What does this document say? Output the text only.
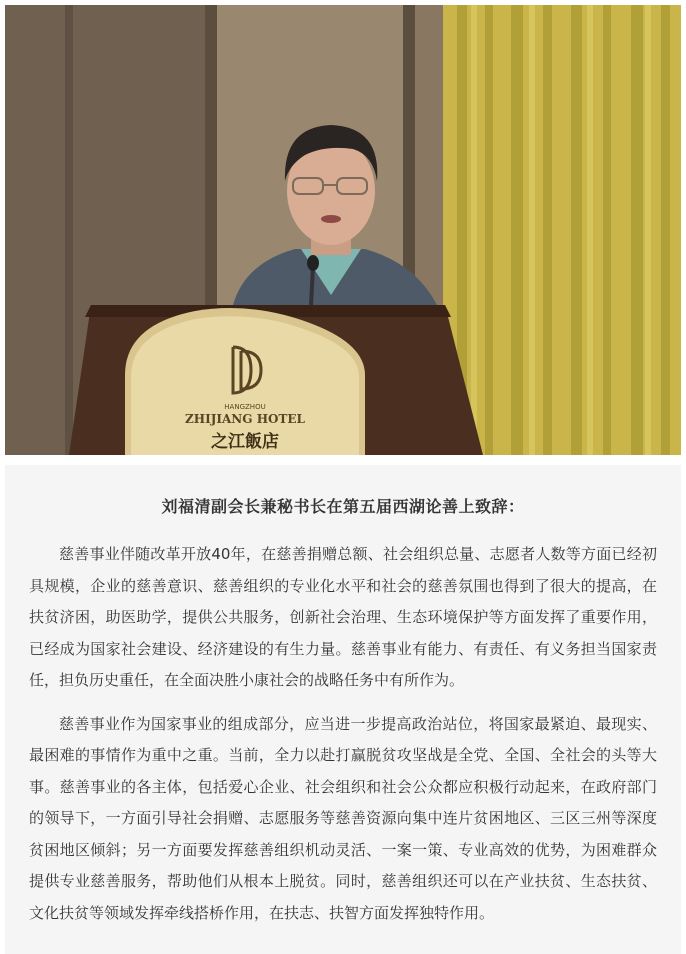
HANGZHOU
ZHIJIANG HOTEL
之江飯店
刘福清副会长兼秘书长在第五届西湖论善上致辞：

慈善事业伴随改革开放40年，在慈善捐赠总额、社会组织总量、志愿者人数等方面已经初具规模，企业的慈善意识、慈善组织的专业化水平和社会的慈善氛围也得到了很大的提高，在扶贫济困，助医助学，提供公共服务，创新社会治理、生态环境保护等方面发挥了重要作用，已经成为国家社会建设、经济建设的有生力量。慈善事业有能力、有责任、有义务担当国家责任，担负历史重任，在全面决胜小康社会的战略任务中有所作为。

慈善事业作为国家事业的组成部分，应当进一步提高政治站位，将国家最紧迫、最现实、最困难的事情作为重中之重。当前，全力以赴打赢脱贫攻坚战是全党、全国、全社会的头等大事。慈善事业的各主体，包括爱心企业、社会组织和社会公众都应积极行动起来，在政府部门的领导下，一方面引导社会捐赠、志愿服务等慈善资源向集中连片贫困地区、三区三州等深度贫困地区倾斜；另一方面要发挥慈善组织机动灵活、一案一策、专业高效的优势，为困难群众提供专业慈善服务，帮助他们从根本上脱贫。同时，慈善组织还可以在产业扶贫、生态扶贫、文化扶贫等领域发挥牵线搭桥作用，在扶志、扶智方面发挥独特作用。
